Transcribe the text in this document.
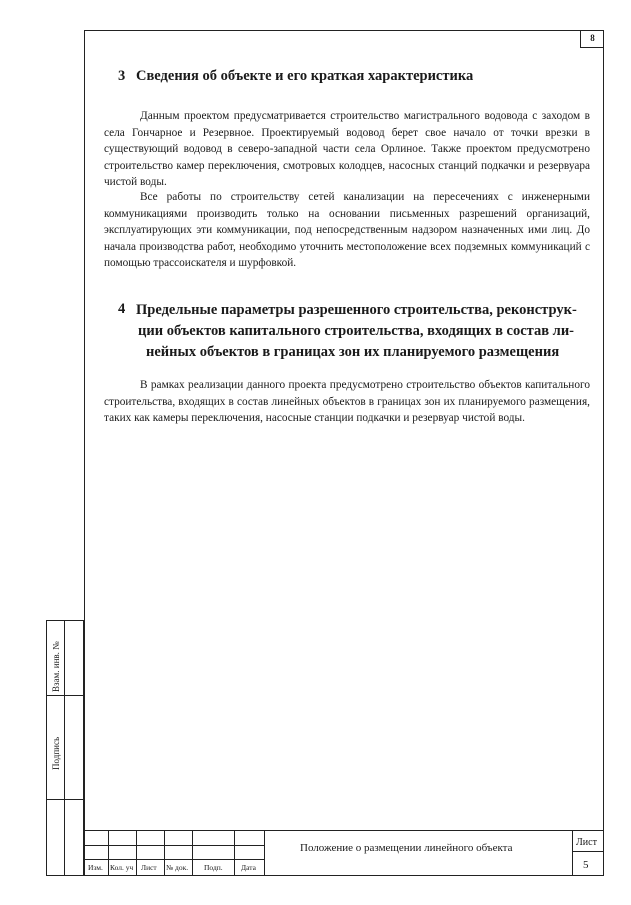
8
Взам. инв. №
Подпись
3 Сведения об объекте и его краткая характеристика

Данным проектом предусматривается строительство магистрального водовода с заходом в села Гончарное и Резервное. Проектируемый водовод берет свое начало от точки врезки в существующий водовод в северо-западной части села Орлиное. Также проектом предусмотрено строительство камер переключения, смотровых колодцев, насосных станций подкачки и резервуара чистой воды.

Все работы по строительству сетей канализации на пересечениях с инженерными коммуникациями производить только на основании письменных разрешений организаций, эксплуатирующих эти коммуникации, под непосредственным надзором назначенных ими лиц. До начала производства работ, необходимо уточнить местоположение всех подземных коммуникаций с помощью трассоискателя и шурфовкой.

4 Предельные параметры разрешенного строительства, реконструк-
ции объектов капитального строительства, входящих в состав ли-
нейных объектов в границах зон их планируемого размещения

В рамках реализации данного проекта предусмотрено строительство объектов капитального строительства, входящих в состав линейных объектов в границах зон их планируемого размещения, таких как камеры переключения, насосные станции подкачки и резервуар чистой воды.

Изм. Кол. уч Лист № док. Подп. Дата
Положение о размещении линейного объекта	Лист
5
